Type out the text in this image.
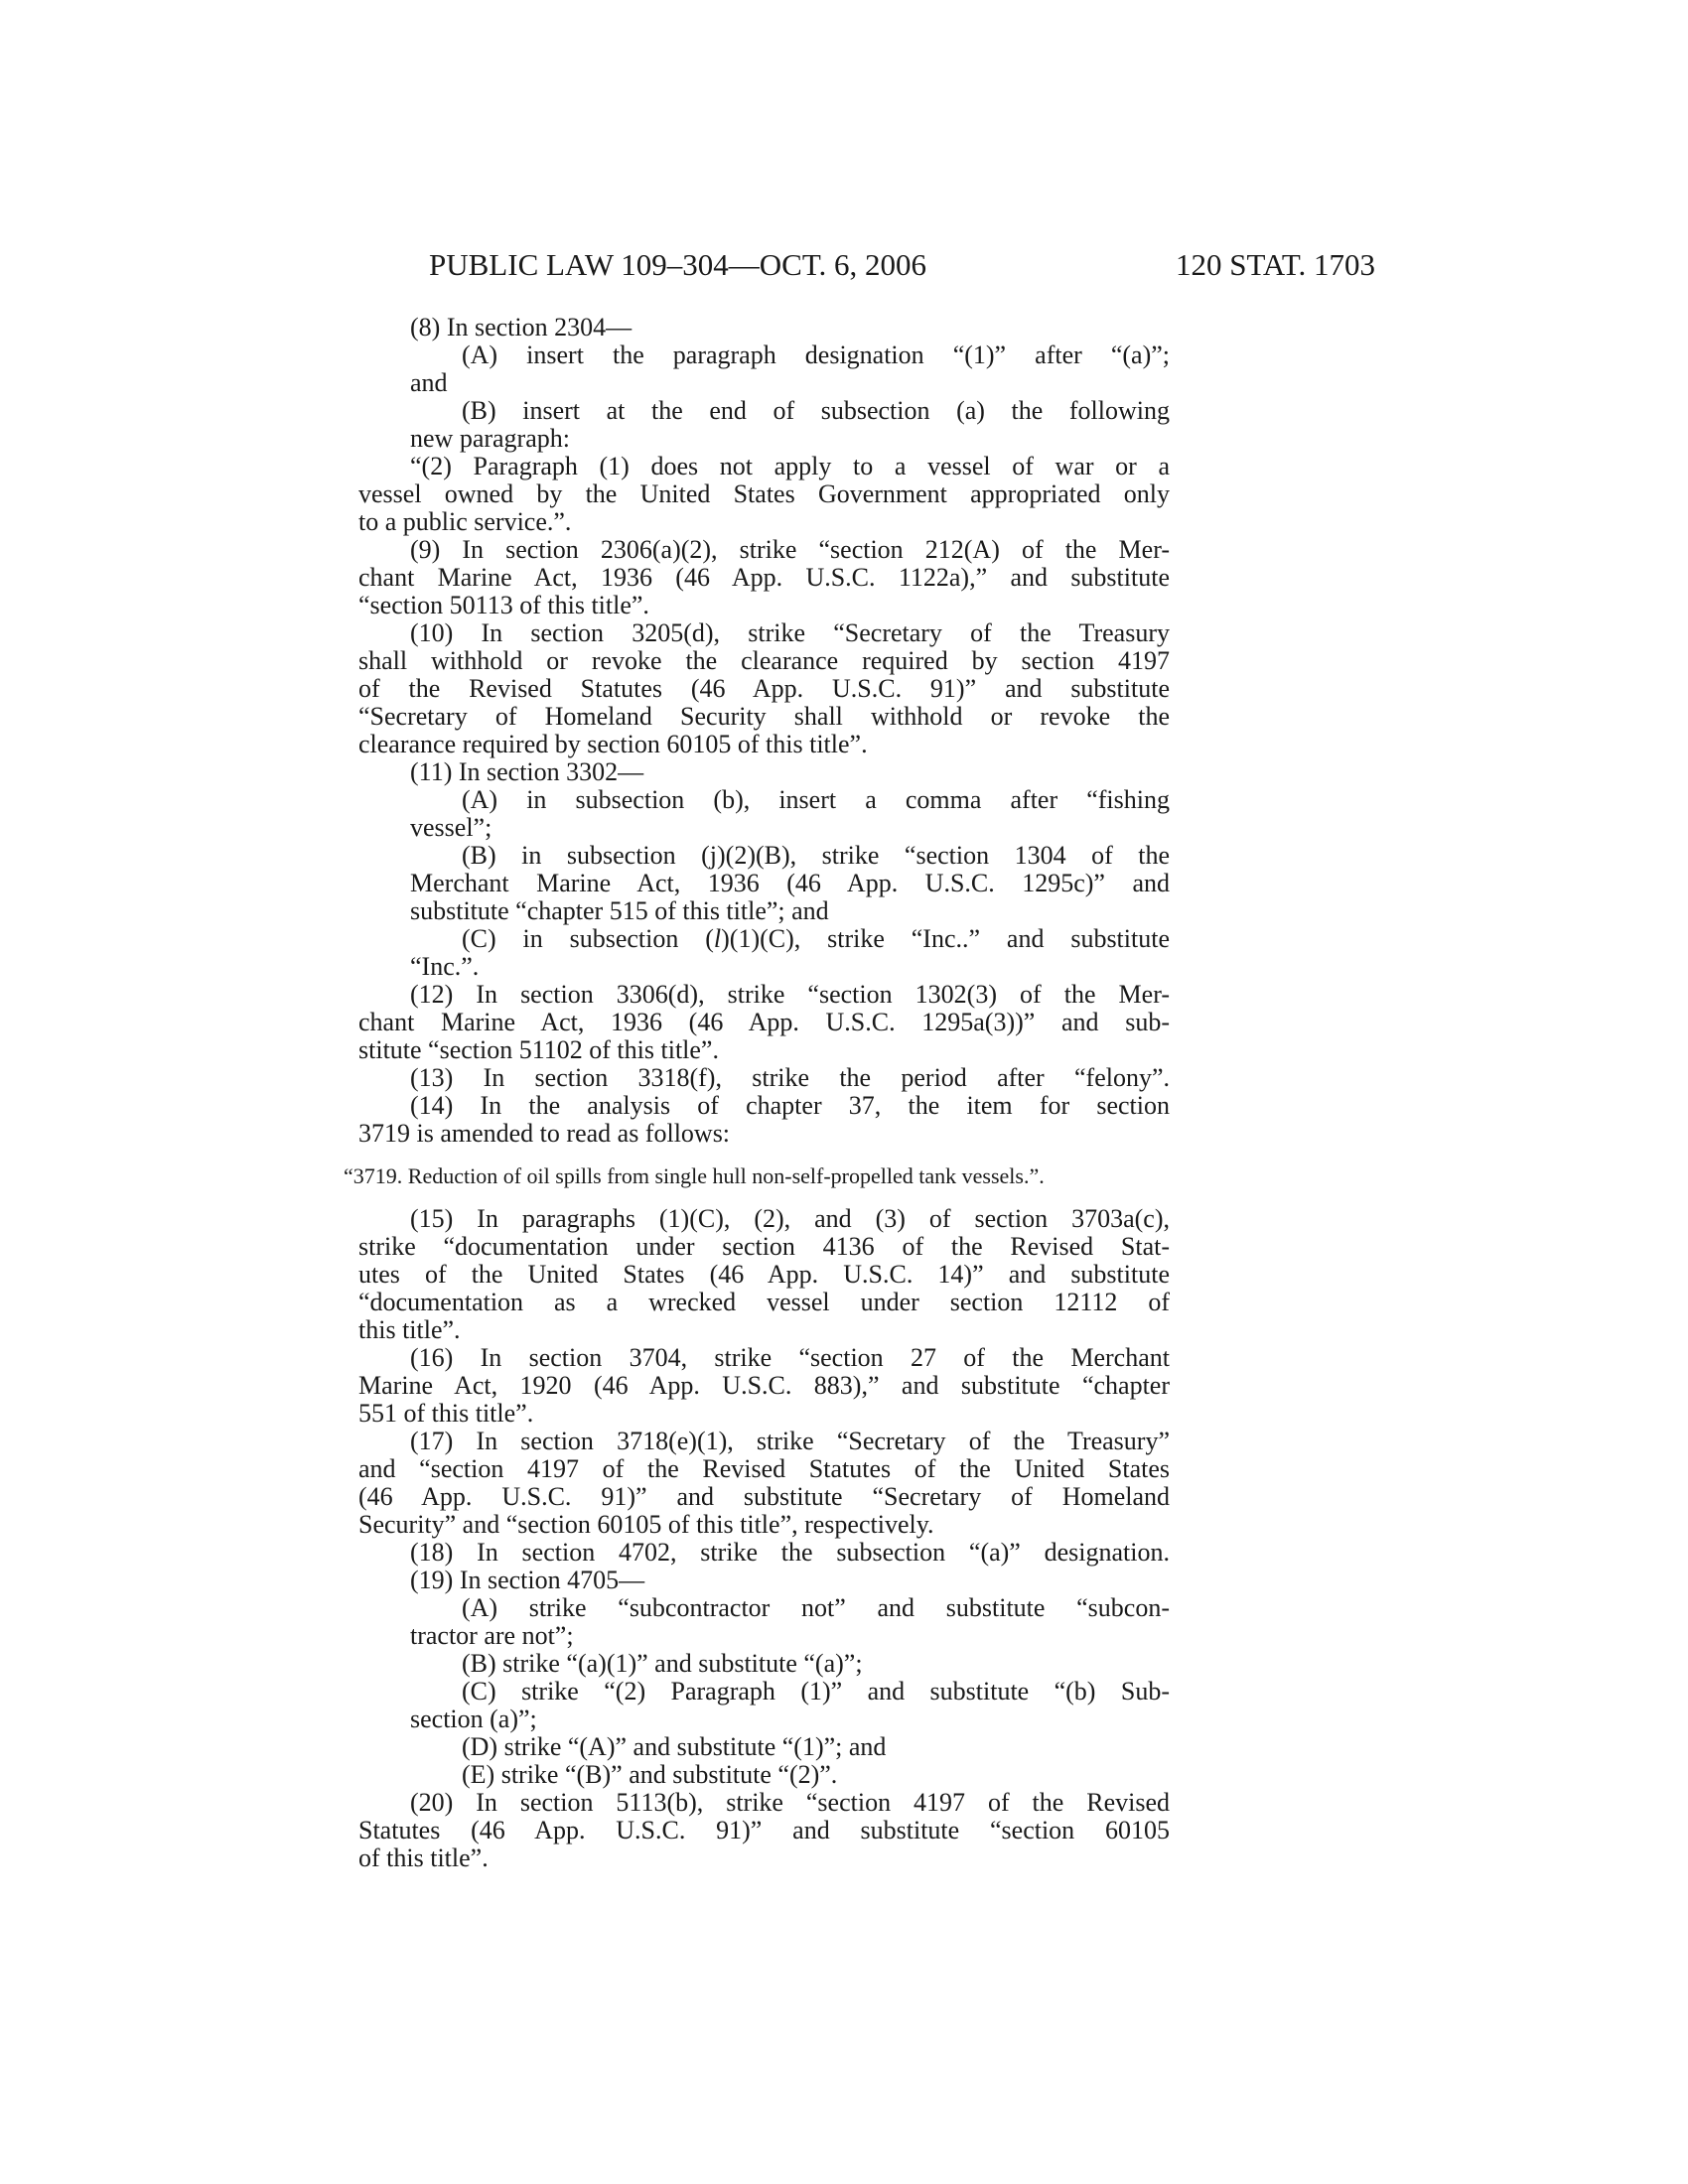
PUBLIC LAW 109–304—OCT. 6, 2006	120 STAT. 1703
(8) In section 2304—
(A) insert the paragraph designation “(1)” after “(a)”;
and
(B) insert at the end of subsection (a) the following
new paragraph:
“(2) Paragraph (1) does not apply to a vessel of war or a
vessel owned by the United States Government appropriated only
to a public service.”.
(9) In section 2306(a)(2), strike “section 212(A) of the Mer-
chant Marine Act, 1936 (46 App. U.S.C. 1122a),” and substitute
“section 50113 of this title”.
(10) In section 3205(d), strike “Secretary of the Treasury
shall withhold or revoke the clearance required by section 4197
of the Revised Statutes (46 App. U.S.C. 91)” and substitute
“Secretary of Homeland Security shall withhold or revoke the
clearance required by section 60105 of this title”.
(11) In section 3302—
(A) in subsection (b), insert a comma after “fishing
vessel”;
(B) in subsection (j)(2)(B), strike “section 1304 of the
Merchant Marine Act, 1936 (46 App. U.S.C. 1295c)” and
substitute “chapter 515 of this title”; and
(C) in subsection (l)(1)(C), strike “Inc..” and substitute
“Inc.”.
(12) In section 3306(d), strike “section 1302(3) of the Mer-
chant Marine Act, 1936 (46 App. U.S.C. 1295a(3))” and sub-
stitute “section 51102 of this title”.
(13) In section 3318(f), strike the period after “felony”.
(14) In the analysis of chapter 37, the item for section
3719 is amended to read as follows:
“3719. Reduction of oil spills from single hull non-self-propelled tank vessels.”.
(15) In paragraphs (1)(C), (2), and (3) of section 3703a(c),
strike “documentation under section 4136 of the Revised Stat-
utes of the United States (46 App. U.S.C. 14)” and substitute
“documentation as a wrecked vessel under section 12112 of
this title”.
(16) In section 3704, strike “section 27 of the Merchant
Marine Act, 1920 (46 App. U.S.C. 883),” and substitute “chapter
551 of this title”.
(17) In section 3718(e)(1), strike “Secretary of the Treasury”
and “section 4197 of the Revised Statutes of the United States
(46 App. U.S.C. 91)” and substitute “Secretary of Homeland
Security” and “section 60105 of this title”, respectively.
(18) In section 4702, strike the subsection “(a)” designation.
(19) In section 4705—
(A) strike “subcontractor not” and substitute “subcon-
tractor are not”;
(B) strike “(a)(1)” and substitute “(a)”;
(C) strike “(2) Paragraph (1)” and substitute “(b) Sub-
section (a)”;
(D) strike “(A)” and substitute “(1)”; and
(E) strike “(B)” and substitute “(2)”.
(20) In section 5113(b), strike “section 4197 of the Revised
Statutes (46 App. U.S.C. 91)” and substitute “section 60105
of this title”.
